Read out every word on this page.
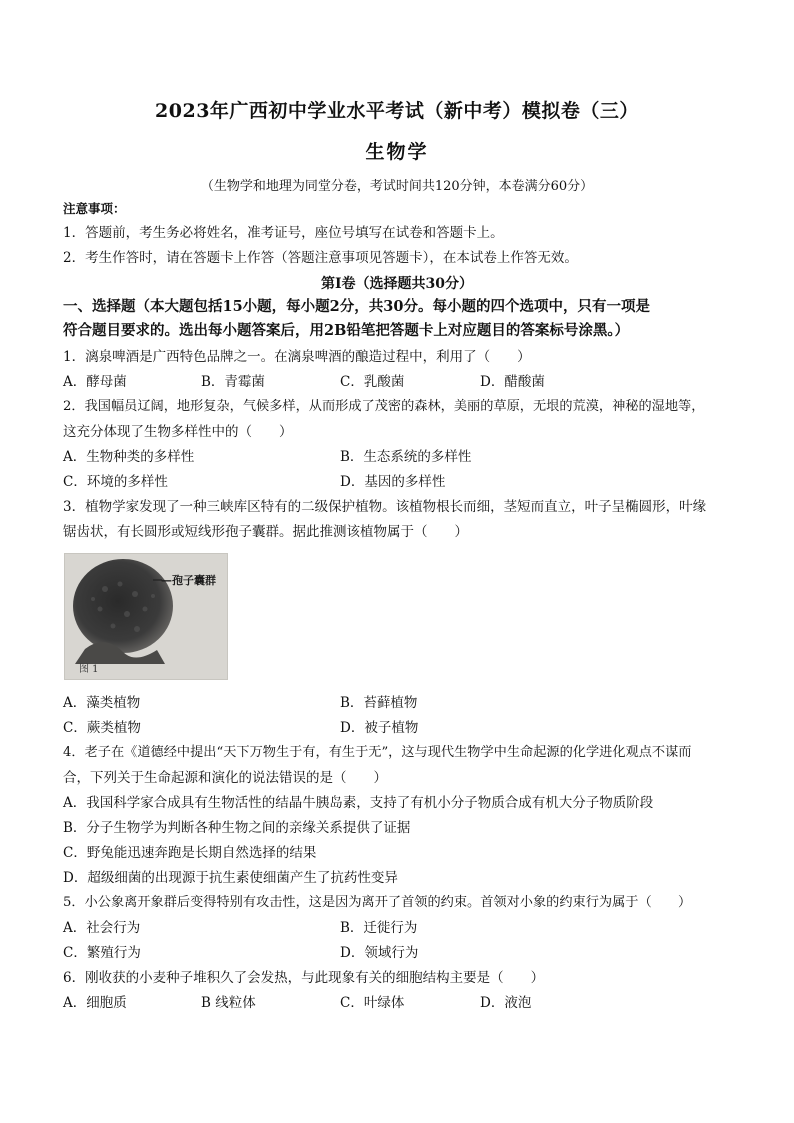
2023年广西初中学业水平考试（新中考）模拟卷（三）
生物学
（生物学和地理为同堂分卷，考试时间共120分钟，本卷满分60分）
注意事项：
1．答题前，考生务必将姓名，准考证号，座位号填写在试卷和答题卡上。
2．考生作答时，请在答题卡上作答（答题注意事项见答题卡），在本试卷上作答无效。
第Ⅰ卷（选择题共30分）
一、选择题（本大题包括15小题，每小题2分，共30分。每小题的四个选项中，只有一项是
符合题目要求的。选出每小题答案后，用2B铅笔把答题卡上对应题目的答案标号涂黑。）
1．漓泉啤酒是广西特色品牌之一。在漓泉啤酒的酿造过程中，利用了（　　）
A．酵母菌	B．青霉菌	C．乳酸菌	D．醋酸菌
2．我国幅员辽阔，地形复杂，气候多样，从而形成了茂密的森林，美丽的草原，无垠的荒漠，神秘的湿地等，
这充分体现了生物多样性中的（　　）
A．生物种类的多样性	B．生态系统的多样性
C．环境的多样性	D．基因的多样性
3．植物学家发现了一种三峡库区特有的二级保护植物。该植物根长而细，茎短而直立，叶子呈椭圆形，叶缘
锯齿状，有长圆形或短线形孢子囊群。据此推测该植物属于（　　）
—孢子囊群
图 1
A．藻类植物	B．苔藓植物
C．蕨类植物	D．被子植物
4．老子在《道德经中提出“天下万物生于有，有生于无”，这与现代生物学中生命起源的化学进化观点不谋而
合，下列关于生命起源和演化的说法错误的是（　　）
A．我国科学家合成具有生物活性的结晶牛胰岛素，支持了有机小分子物质合成有机大分子物质阶段
B．分子生物学为判断各种生物之间的亲缘关系提供了证据
C．野兔能迅速奔跑是长期自然选择的结果
D．超级细菌的出现源于抗生素使细菌产生了抗药性变异
5．小公象离开象群后变得特别有攻击性，这是因为离开了首领的约束。首领对小象的约束行为属于（　　）
A．社会行为	B．迁徙行为
C．繁殖行为	D．领域行为
6．刚收获的小麦种子堆积久了会发热，与此现象有关的细胞结构主要是（　　）
A．细胞质	B 线粒体	C．叶绿体	D．液泡
